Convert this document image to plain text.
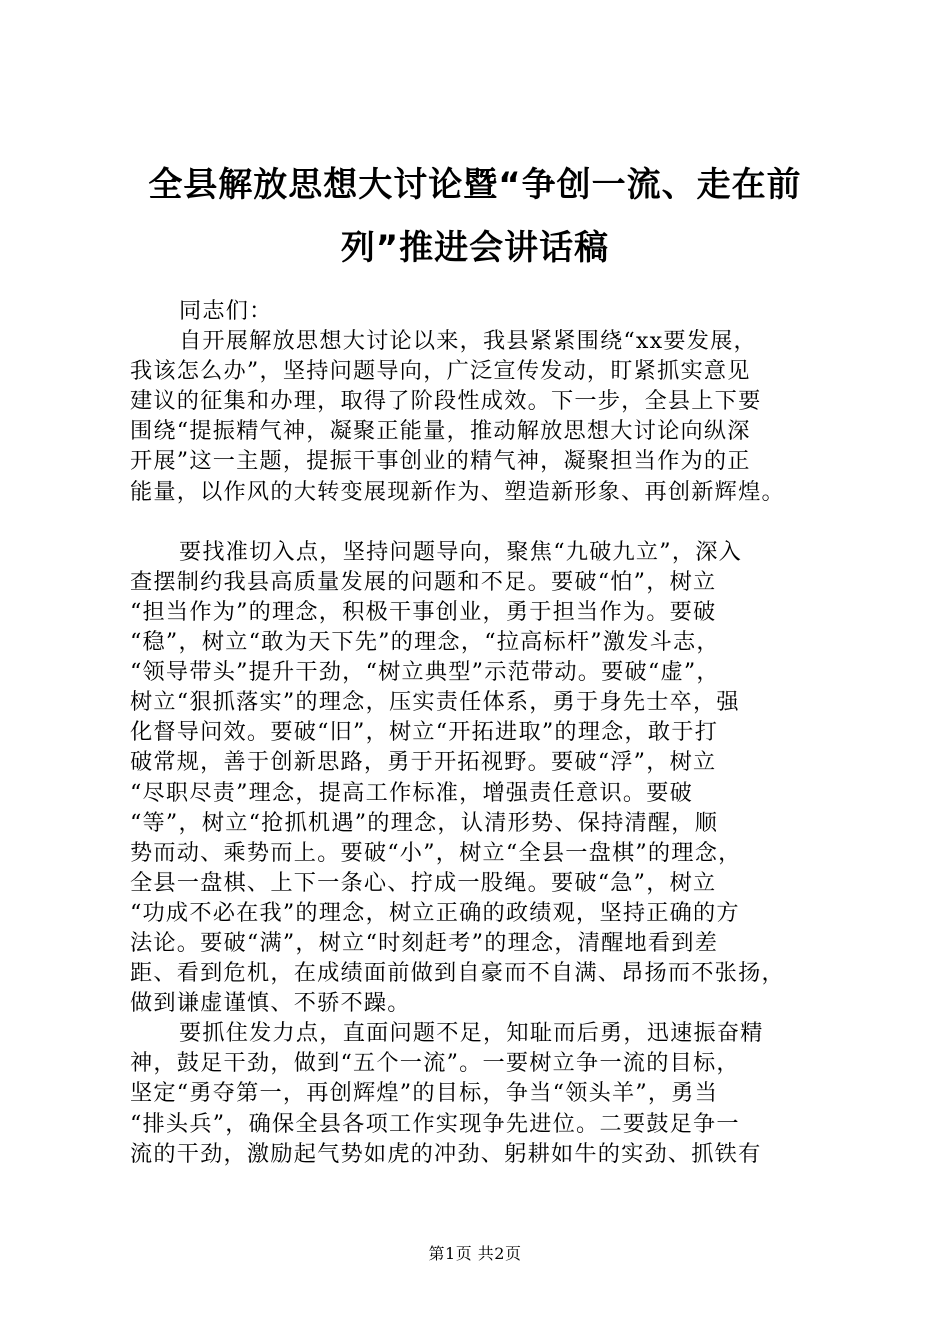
全县解放思想大讨论暨“争创一流、走在前
列”推进会讲话稿
同志们：
自开展解放思想大讨论以来，我县紧紧围绕“xx要发展，
我该怎么办”，坚持问题导向，广泛宣传发动，盯紧抓实意见
建议的征集和办理，取得了阶段性成效。下一步，全县上下要
围绕“提振精气神，凝聚正能量，推动解放思想大讨论向纵深
开展”这一主题，提振干事创业的精气神，凝聚担当作为的正
能量，以作风的大转变展现新作为、塑造新形象、再创新辉煌。
要找准切入点，坚持问题导向，聚焦“九破九立”，深入
查摆制约我县高质量发展的问题和不足。要破“怕”，树立
“担当作为”的理念，积极干事创业，勇于担当作为。要破
“稳”，树立“敢为天下先”的理念，“拉高标杆”激发斗志，
“领导带头”提升干劲，“树立典型”示范带动。要破“虚”，
树立“狠抓落实”的理念，压实责任体系，勇于身先士卒，强
化督导问效。要破“旧”，树立“开拓进取”的理念，敢于打
破常规，善于创新思路，勇于开拓视野。要破“浮”，树立
“尽职尽责”理念，提高工作标准，增强责任意识。要破
“等”，树立“抢抓机遇”的理念，认清形势、保持清醒，顺
势而动、乘势而上。要破“小”，树立“全县一盘棋”的理念，
全县一盘棋、上下一条心、拧成一股绳。要破“急”，树立
“功成不必在我”的理念，树立正确的政绩观，坚持正确的方
法论。要破“满”，树立“时刻赶考”的理念，清醒地看到差
距、看到危机，在成绩面前做到自豪而不自满、昂扬而不张扬，
做到谦虚谨慎、不骄不躁。
要抓住发力点，直面问题不足，知耻而后勇，迅速振奋精
神，鼓足干劲，做到“五个一流”。一要树立争一流的目标，
坚定“勇夺第一，再创辉煌”的目标，争当“领头羊”，勇当
“排头兵”，确保全县各项工作实现争先进位。二要鼓足争一
流的干劲，激励起气势如虎的冲劲、躬耕如牛的实劲、抓铁有
第1页 共2页
